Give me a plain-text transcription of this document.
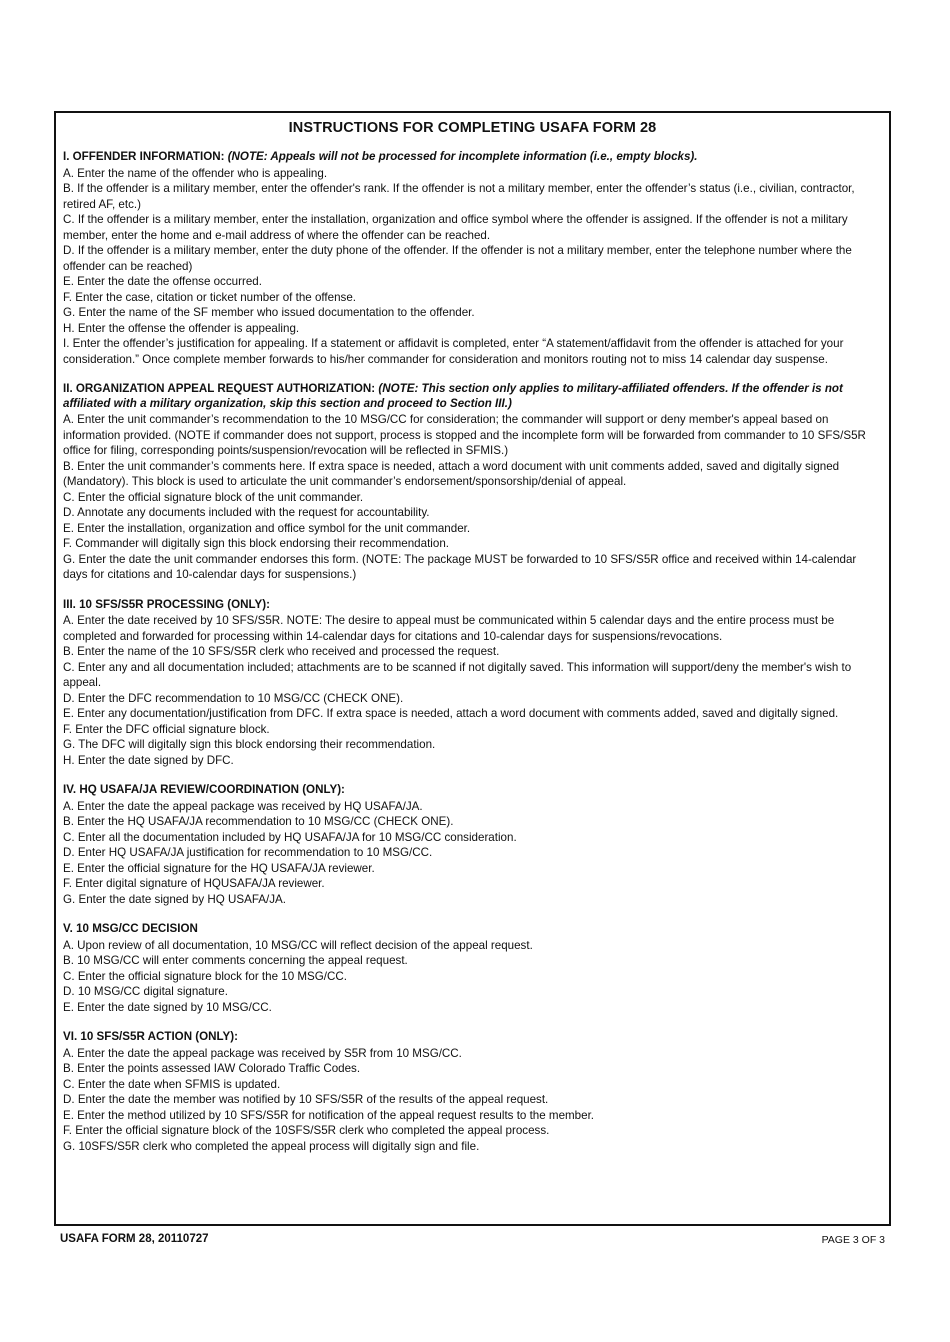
INSTRUCTIONS FOR COMPLETING USAFA FORM 28
I. OFFENDER INFORMATION: (NOTE: Appeals will not be processed for incomplete information (i.e., empty blocks).
A. Enter the name of the offender who is appealing.
B. If the offender is a military member, enter the offender's rank. If the offender is not a military member, enter the offender’s status (i.e., civilian, contractor, retired AF, etc.)
C. If the offender is a military member, enter the installation, organization and office symbol where the offender is assigned. If the offender is not a military member, enter the home and e-mail address of where the offender can be reached.
D. If the offender is a military member, enter the duty phone of the offender. If the offender is not a military member, enter the telephone number where the offender can be reached)
E. Enter the date the offense occurred.
F. Enter the case, citation or ticket number of the offense.
G. Enter the name of the SF member who issued documentation to the offender.
H. Enter the offense the offender is appealing.
I. Enter the offender’s justification for appealing. If a statement or affidavit is completed, enter “A statement/affidavit from the offender is attached for your consideration.” Once complete member forwards to his/her commander for consideration and monitors routing not to miss 14 calendar day suspense.
II. ORGANIZATION APPEAL REQUEST AUTHORIZATION: (NOTE: This section only applies to military-affiliated offenders. If the offender is not affiliated with a military organization, skip this section and proceed to Section III.)
A. Enter the unit commander’s recommendation to the 10 MSG/CC for consideration; the commander will support or deny member's appeal based on information provided. (NOTE if commander does not support, process is stopped and the incomplete form will be forwarded from commander to 10 SFS/S5R office for filing, corresponding points/suspension/revocation will be reflected in SFMIS.)
B. Enter the unit commander’s comments here. If extra space is needed, attach a word document with unit comments added, saved and digitally signed (Mandatory). This block is used to articulate the unit commander’s endorsement/sponsorship/denial of appeal.
C. Enter the official signature block of the unit commander.
D. Annotate any documents included with the request for accountability.
E. Enter the installation, organization and office symbol for the unit commander.
F. Commander will digitally sign this block endorsing their recommendation.
G. Enter the date the unit commander endorses this form. (NOTE: The package MUST be forwarded to 10 SFS/S5R office and received within 14-calendar days for citations and 10-calendar days for suspensions.)
III. 10 SFS/S5R PROCESSING (ONLY):
A. Enter the date received by 10 SFS/S5R. NOTE: The desire to appeal must be communicated within 5 calendar days and the entire process must be completed and forwarded for processing within 14-calendar days for citations and 10-calendar days for suspensions/revocations.
B. Enter the name of the 10 SFS/S5R clerk who received and processed the request.
C. Enter any and all documentation included; attachments are to be scanned if not digitally saved. This information will support/deny the member's wish to appeal.
D. Enter the DFC recommendation to 10 MSG/CC (CHECK ONE).
E. Enter any documentation/justification from DFC. If extra space is needed, attach a word document with comments added, saved and digitally signed.
F. Enter the DFC official signature block.
G. The DFC will digitally sign this block endorsing their recommendation.
H. Enter the date signed by DFC.
IV. HQ USAFA/JA REVIEW/COORDINATION (ONLY):
A. Enter the date the appeal package was received by HQ USAFA/JA.
B. Enter the HQ USAFA/JA recommendation to 10 MSG/CC (CHECK ONE).
C. Enter all the documentation included by HQ USAFA/JA for 10 MSG/CC consideration.
D. Enter HQ USAFA/JA justification for recommendation to 10 MSG/CC.
E. Enter the official signature for the HQ USAFA/JA reviewer.
F. Enter digital signature of HQUSAFA/JA reviewer.
G. Enter the date signed by HQ USAFA/JA.
V. 10 MSG/CC DECISION
A. Upon review of all documentation, 10 MSG/CC will reflect decision of the appeal request.
B. 10 MSG/CC will enter comments concerning the appeal request.
C. Enter the official signature block for the 10 MSG/CC.
D. 10 MSG/CC digital signature.
E. Enter the date signed by 10 MSG/CC.
VI. 10 SFS/S5R ACTION (ONLY):
A. Enter the date the appeal package was received by S5R from 10 MSG/CC.
B. Enter the points assessed IAW Colorado Traffic Codes.
C. Enter the date when SFMIS is updated.
D. Enter the date the member was notified by 10 SFS/S5R of the results of the appeal request.
E. Enter the method utilized by 10 SFS/S5R for notification of the appeal request results to the member.
F. Enter the official signature block of the 10SFS/S5R clerk who completed the appeal process.
G. 10SFS/S5R clerk who completed the appeal process will digitally sign and file.
USAFA FORM 28, 20110727	PAGE 3 OF 3
